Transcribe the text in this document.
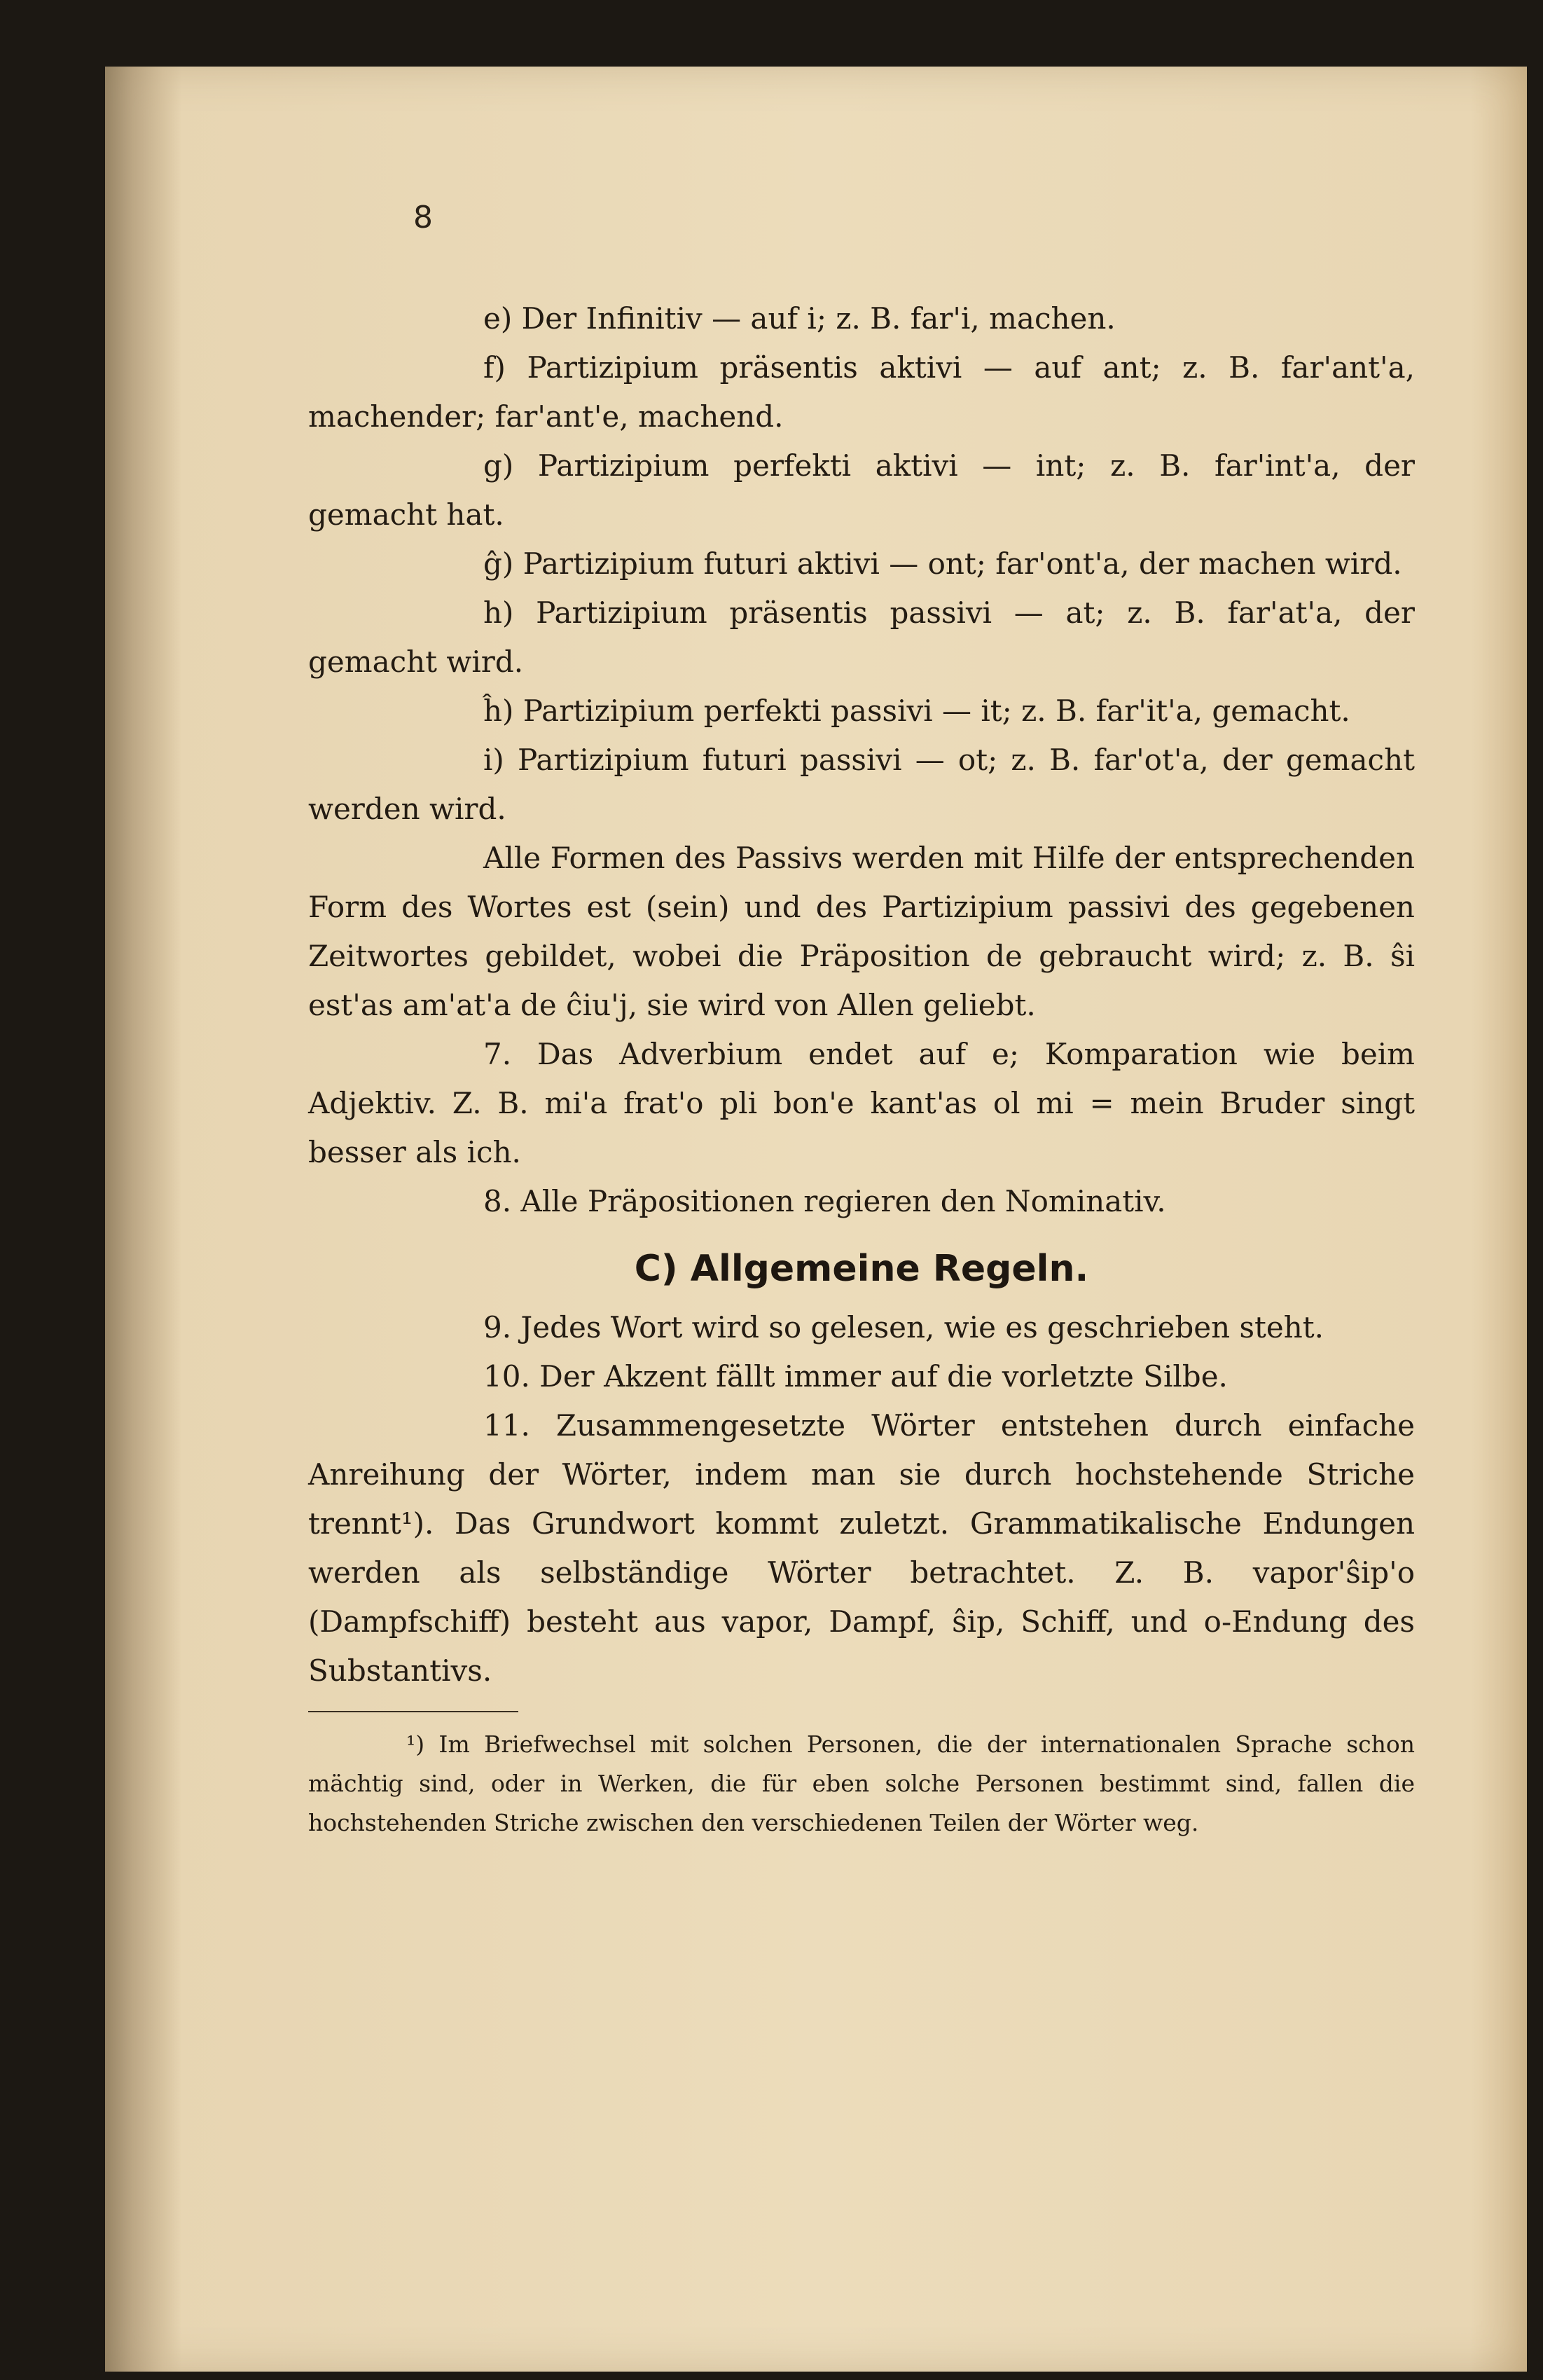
8

e) Der Infinitiv — auf i; z. B. far'i, machen.

f) Partizipium präsentis aktivi — auf ant; z. B. far'ant'a, machender; far'ant'e, machend.

g) Partizipium perfekti aktivi — int; z. B. far'int'a, der gemacht hat.

ĝ) Partizipium futuri aktivi — ont; far'ont'a, der machen wird.

h) Partizipium präsentis passivi — at; z. B. far'at'a, der gemacht wird.

ĥ) Partizipium perfekti passivi — it; z. B. far'it'a, gemacht.

i) Partizipium futuri passivi — ot; z. B. far'ot'a, der gemacht werden wird.

Alle Formen des Passivs werden mit Hilfe der entsprechenden Form des Wortes est (sein) und des Partizipium passivi des gegebenen Zeitwortes gebildet, wobei die Präposition de gebraucht wird; z. B. ŝi est'as am'at'a de ĉiu'j, sie wird von Allen geliebt.

7. Das Adverbium endet auf e; Komparation wie beim Adjektiv. Z. B. mi'a frat'o pli bon'e kant'as ol mi = mein Bruder singt besser als ich.

8. Alle Präpositionen regieren den Nominativ.

C) Allgemeine Regeln.

9. Jedes Wort wird so gelesen, wie es geschrieben steht.

10. Der Akzent fällt immer auf die vorletzte Silbe.

11. Zusammengesetzte Wörter entstehen durch einfache Anreihung der Wörter, indem man sie durch hochstehende Striche trennt¹). Das Grundwort kommt zuletzt. Grammatikalische Endungen werden als selbständige Wörter betrachtet. Z. B. vapor'ŝip'o (Dampfschiff) besteht aus vapor, Dampf, ŝip, Schiff, und o-Endung des Substantivs.

¹) Im Briefwechsel mit solchen Personen, die der internationalen Sprache schon mächtig sind, oder in Werken, die für eben solche Personen bestimmt sind, fallen die hochstehenden Striche zwischen den verschiedenen Teilen der Wörter weg.
